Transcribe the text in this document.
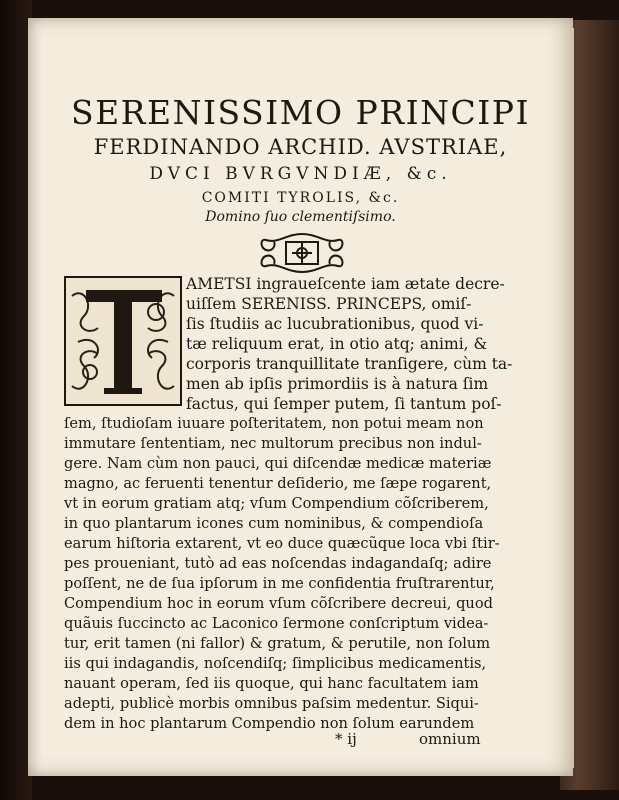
SERENISSIMO PRINCIPI
FERDINANDO ARCHID. AVSTRIAE,
DVCI BVRGVNDIÆ, &c.
COMITI TYROLIS, &c.
Domino ſuo clementiſsimo.
AMETSI ingraueſcente iam ætate decre-
uiſſem SERENISS. PRINCEPS, omiſ-
ſis ſtudiis ac lucubrationibus, quod vi-
tæ reliquum erat, in otio atq; animi, &
corporis tranquillitate tranſigere, cùm ta-
men ab ipſis primordiis is à natura ſim
factus, qui ſemper putem, ſi tantum poſ-
ſem, ſtudioſam iuuare poſteritatem, non potui meam non
immutare ſententiam, nec multorum precibus non indul-
gere. Nam cùm non pauci, qui diſcendæ medicæ materiæ
magno, ac feruenti tenentur deſiderio, me ſæpe rogarent,
vt in eorum gratiam atq; vſum Compendium cõſcriberem,
in quo plantarum icones cum nominibus, & compendioſa
earum hiſtoria extarent, vt eo duce quæcũque loca vbi ſtir-
pes proueniant, tutò ad eas noſcendas indagandaſq; adire
poſſent, ne de ſua ipſorum in me confidentia fruſtrarentur,
Compendium hoc in eorum vſum cõſcribere decreui, quod
quãuis ſuccincto ac Laconico ſermone conſcriptum videa-
tur, erit tamen (ni fallor) & gratum, & perutile, non ſolum
iis qui indagandis, noſcendiſq; ſimplicibus medicamentis,
nauant operam, ſed iis quoque, qui hanc facultatem iam
adepti, publicè morbis omnibus paſsim medentur. Siqui-
dem in hoc plantarum Compendio non ſolum earundem
* ij	omnium
